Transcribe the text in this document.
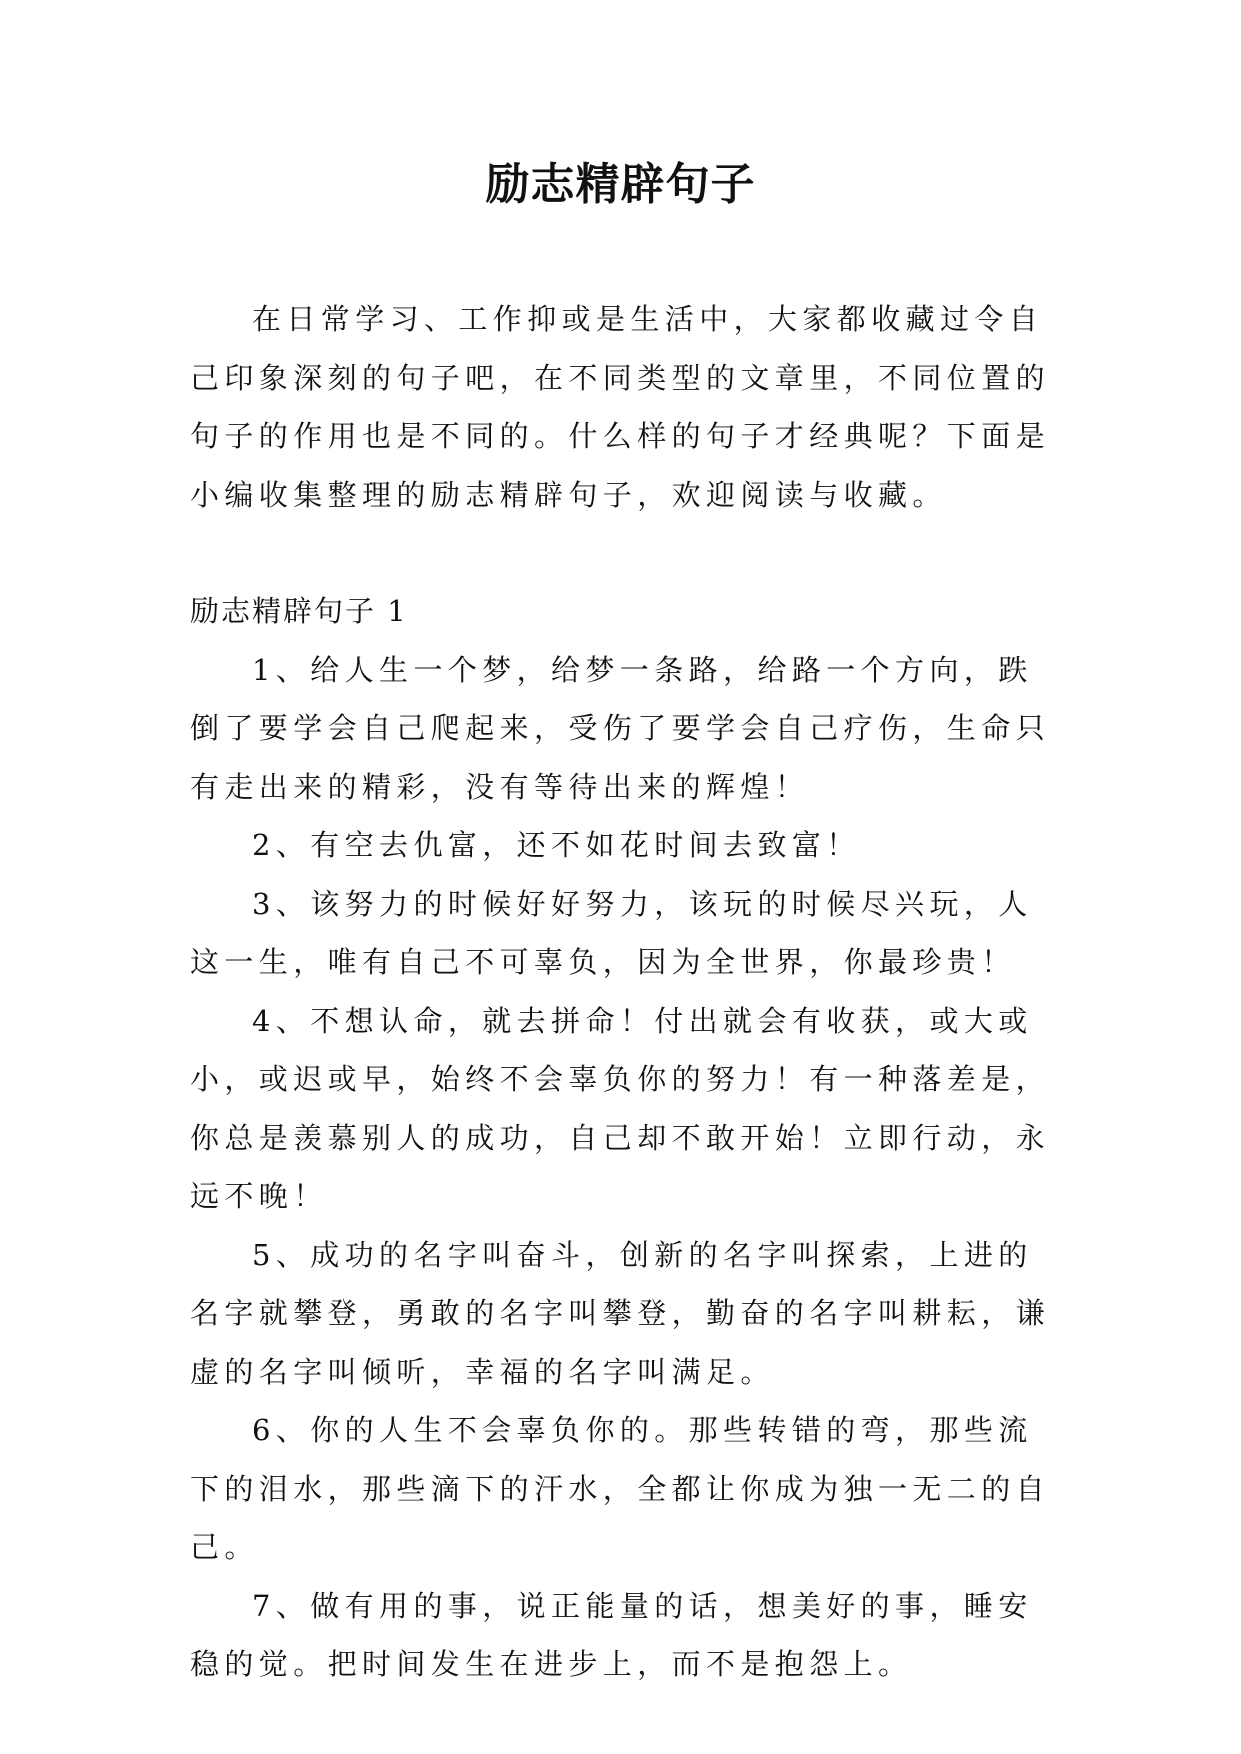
励志精辟句子

在日常学习、工作抑或是生活中，大家都收藏过令自己印象深刻的句子吧，在不同类型的文章里，不同位置的句子的作用也是不同的。什么样的句子才经典呢？下面是小编收集整理的励志精辟句子，欢迎阅读与收藏。

励志精辟句子 1

1、给人生一个梦，给梦一条路，给路一个方向，跌倒了要学会自己爬起来，受伤了要学会自己疗伤，生命只有走出来的精彩，没有等待出来的辉煌！

2、有空去仇富，还不如花时间去致富！

3、该努力的时候好好努力，该玩的时候尽兴玩，人这一生，唯有自己不可辜负，因为全世界，你最珍贵！

4、不想认命，就去拼命！付出就会有收获，或大或小，或迟或早，始终不会辜负你的努力！有一种落差是，你总是羡慕别人的成功，自己却不敢开始！立即行动，永远不晚！

5、成功的名字叫奋斗，创新的名字叫探索，上进的名字就攀登，勇敢的名字叫攀登，勤奋的名字叫耕耘，谦虚的名字叫倾听，幸福的名字叫满足。

6、你的人生不会辜负你的。那些转错的弯，那些流下的泪水，那些滴下的汗水，全都让你成为独一无二的自己。

7、做有用的事，说正能量的话，想美好的事，睡安稳的觉。把时间发生在进步上，而不是抱怨上。
